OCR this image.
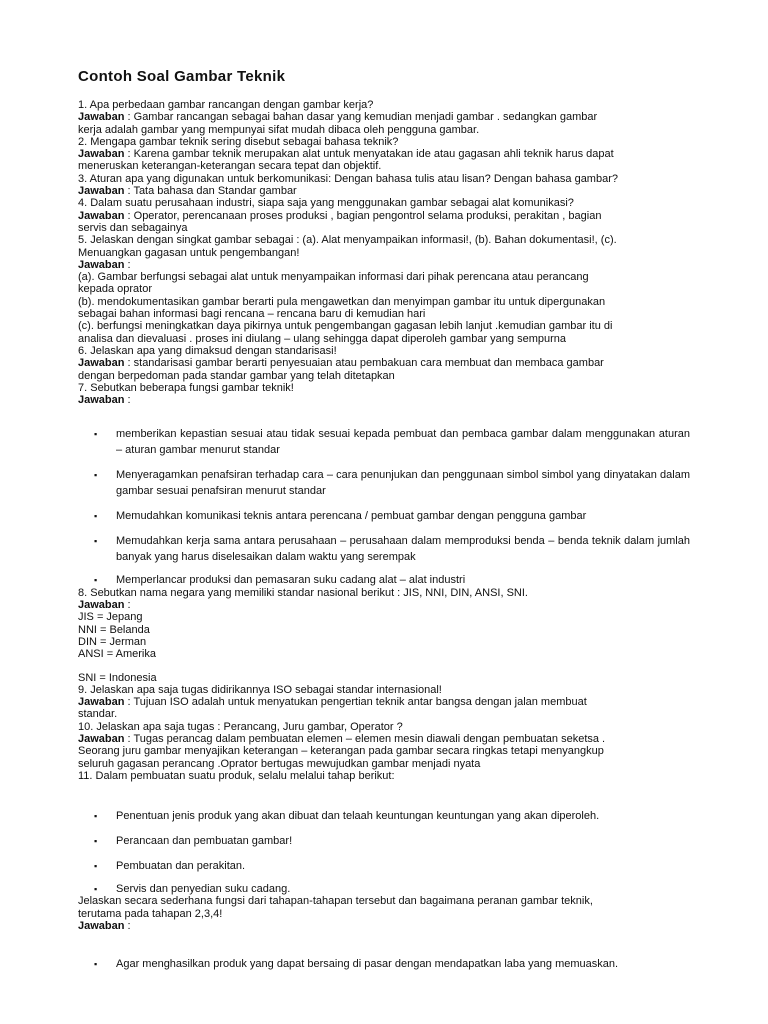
Contoh Soal Gambar Teknik
1. Apa perbedaan gambar rancangan dengan gambar kerja?
Jawaban : Gambar rancangan sebagai bahan dasar yang kemudian menjadi gambar . sedangkan gambar
kerja adalah gambar yang mempunyai sifat mudah dibaca oleh pengguna gambar.
2. Mengapa gambar teknik sering disebut sebagai bahasa teknik?
Jawaban : Karena gambar teknik merupakan alat untuk menyatakan ide atau gagasan ahli teknik harus dapat
meneruskan keterangan-keterangan secara tepat dan objektif.
3. Aturan apa yang digunakan untuk berkomunikasi: Dengan bahasa tulis atau lisan? Dengan bahasa gambar?
Jawaban : Tata bahasa dan Standar gambar
4. Dalam suatu perusahaan industri, siapa saja yang menggunakan gambar sebagai alat komunikasi?
Jawaban : Operator, perencanaan proses produksi , bagian pengontrol selama produksi, perakitan , bagian
servis dan sebagainya
5. Jelaskan dengan singkat gambar sebagai : (a). Alat menyampaikan informasi!, (b). Bahan dokumentasi!, (c).
Menuangkan gagasan untuk pengembangan!
Jawaban :
(a). Gambar berfungsi sebagai alat untuk menyampaikan informasi dari pihak perencana atau perancang
kepada oprator
(b). mendokumentasikan gambar berarti pula mengawetkan dan menyimpan gambar itu untuk dipergunakan
sebagai bahan informasi bagi rencana – rencana baru di kemudian hari
(c). berfungsi meningkatkan daya pikirnya untuk pengembangan gagasan lebih lanjut .kemudian gambar itu di
analisa dan dievaluasi . proses ini diulang – ulang sehingga dapat diperoleh gambar yang sempurna
6. Jelaskan apa yang dimaksud dengan standarisasi!
Jawaban : standarisasi gambar berarti penyesuaian atau pembakuan cara membuat dan membaca gambar
dengan berpedoman pada standar gambar yang telah ditetapkan
7. Sebutkan beberapa fungsi gambar teknik!
Jawaban :
▪ memberikan kepastian sesuai atau tidak sesuai kepada pembuat dan pembaca gambar dalam menggunakan aturan – aturan gambar menurut standar
▪ Menyeragamkan penafsiran terhadap cara – cara penunjukan dan penggunaan simbol simbol yang dinyatakan dalam gambar sesuai penafsiran menurut standar
▪ Memudahkan komunikasi teknis antara perencana / pembuat gambar dengan pengguna gambar
▪ Memudahkan kerja sama antara perusahaan – perusahaan dalam memproduksi benda – benda teknik dalam jumlah banyak yang harus diselesaikan dalam waktu yang serempak
▪ Memperlancar produksi dan pemasaran suku cadang alat – alat industri
8. Sebutkan nama negara yang memiliki standar nasional berikut : JIS, NNI, DIN, ANSI, SNI.
Jawaban :
JIS = Jepang
NNI = Belanda
DIN = Jerman
ANSI = Amerika
SNI = Indonesia
9. Jelaskan apa saja tugas didirikannya ISO sebagai standar internasional!
Jawaban : Tujuan ISO adalah untuk menyatukan pengertian teknik antar bangsa dengan jalan membuat
standar.
10. Jelaskan apa saja tugas : Perancang, Juru gambar, Operator ?
Jawaban : Tugas perancag dalam pembuatan elemen – elemen mesin diawali dengan pembuatan seketsa .
Seorang juru gambar menyajikan keterangan – keterangan pada gambar secara ringkas tetapi menyangkup
seluruh gagasan perancang .Oprator bertugas mewujudkan gambar menjadi nyata
11. Dalam pembuatan suatu produk, selalu melalui tahap berikut:
▪ Penentuan jenis produk yang akan dibuat dan telaah keuntungan keuntungan yang akan diperoleh.
▪ Perancaan dan pembuatan gambar!
▪ Pembuatan dan perakitan.
▪ Servis dan penyedian suku cadang.
Jelaskan secara sederhana fungsi dari tahapan-tahapan tersebut dan bagaimana peranan gambar teknik,
terutama pada tahapan 2,3,4!
Jawaban :
▪ Agar menghasilkan produk yang dapat bersaing di pasar dengan mendapatkan laba yang memuaskan.
